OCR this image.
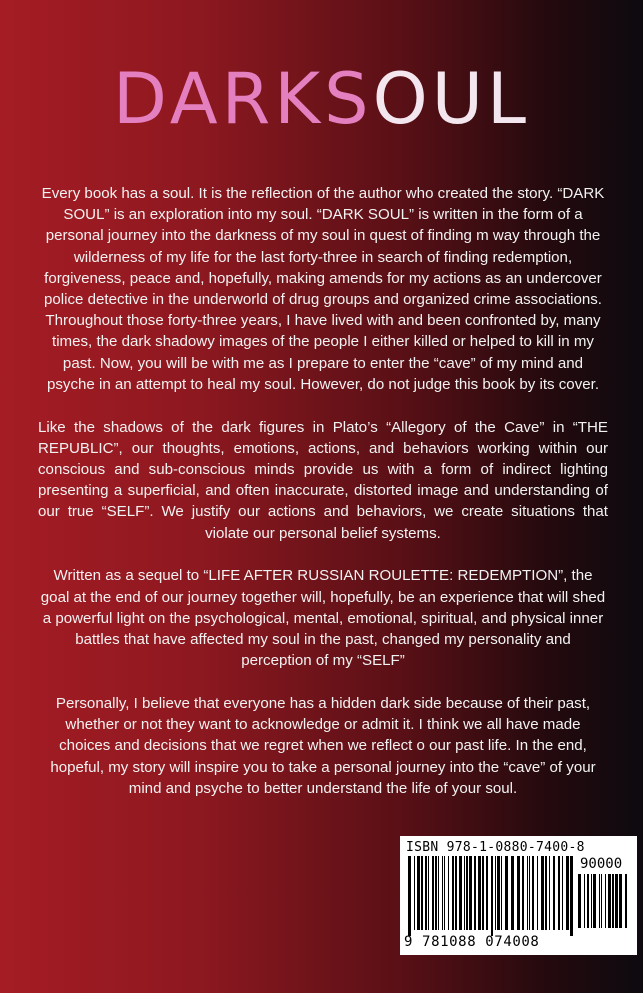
DARKSOUL

Every book has a soul. It is the reflection of the author who created the story. “DARK SOUL” is an exploration into my soul. “DARK SOUL” is written in the form of a personal journey into the darkness of my soul in quest of finding m way through the wilderness of my life for the last forty-three in search of finding redemption, forgiveness, peace and, hopefully, making amends for my actions as an undercover police detective in the underworld of drug groups and organized crime associations. Throughout those forty-three years, I have lived with and been confronted by, many times, the dark shadowy images of the people I either killed or helped to kill in my past. Now, you will be with me as I prepare to enter the “cave” of my mind and psyche in an attempt to heal my soul. However, do not judge this book by its cover.

Like the shadows of the dark figures in Plato’s “Allegory of the Cave” in “THE REPUBLIC”, our thoughts, emotions, actions, and behaviors working within our conscious and sub-conscious minds provide us with a form of indirect lighting presenting a superficial, and often inaccurate, distorted image and understanding of our true “SELF”. We justify our actions and behaviors, we create situations that violate our personal belief systems.

Written as a sequel to “LIFE AFTER RUSSIAN ROULETTE: REDEMPTION”, the goal at the end of our journey together will, hopefully, be an experience that will shed a powerful light on the psychological, mental, emotional, spiritual, and physical inner battles that have affected my soul in the past, changed my personality and perception of my “SELF”

Personally, I believe that everyone has a hidden dark side because of their past, whether or not they want to acknowledge or admit it. I think we all have made choices and decisions that we regret when we reflect o our past life. In the end, hopeful, my story will inspire you to take a personal journey into the “cave” of your mind and psyche to better understand the life of your soul.

ISBN 978-1-0880-7400-8
90000
9 781088 074008
